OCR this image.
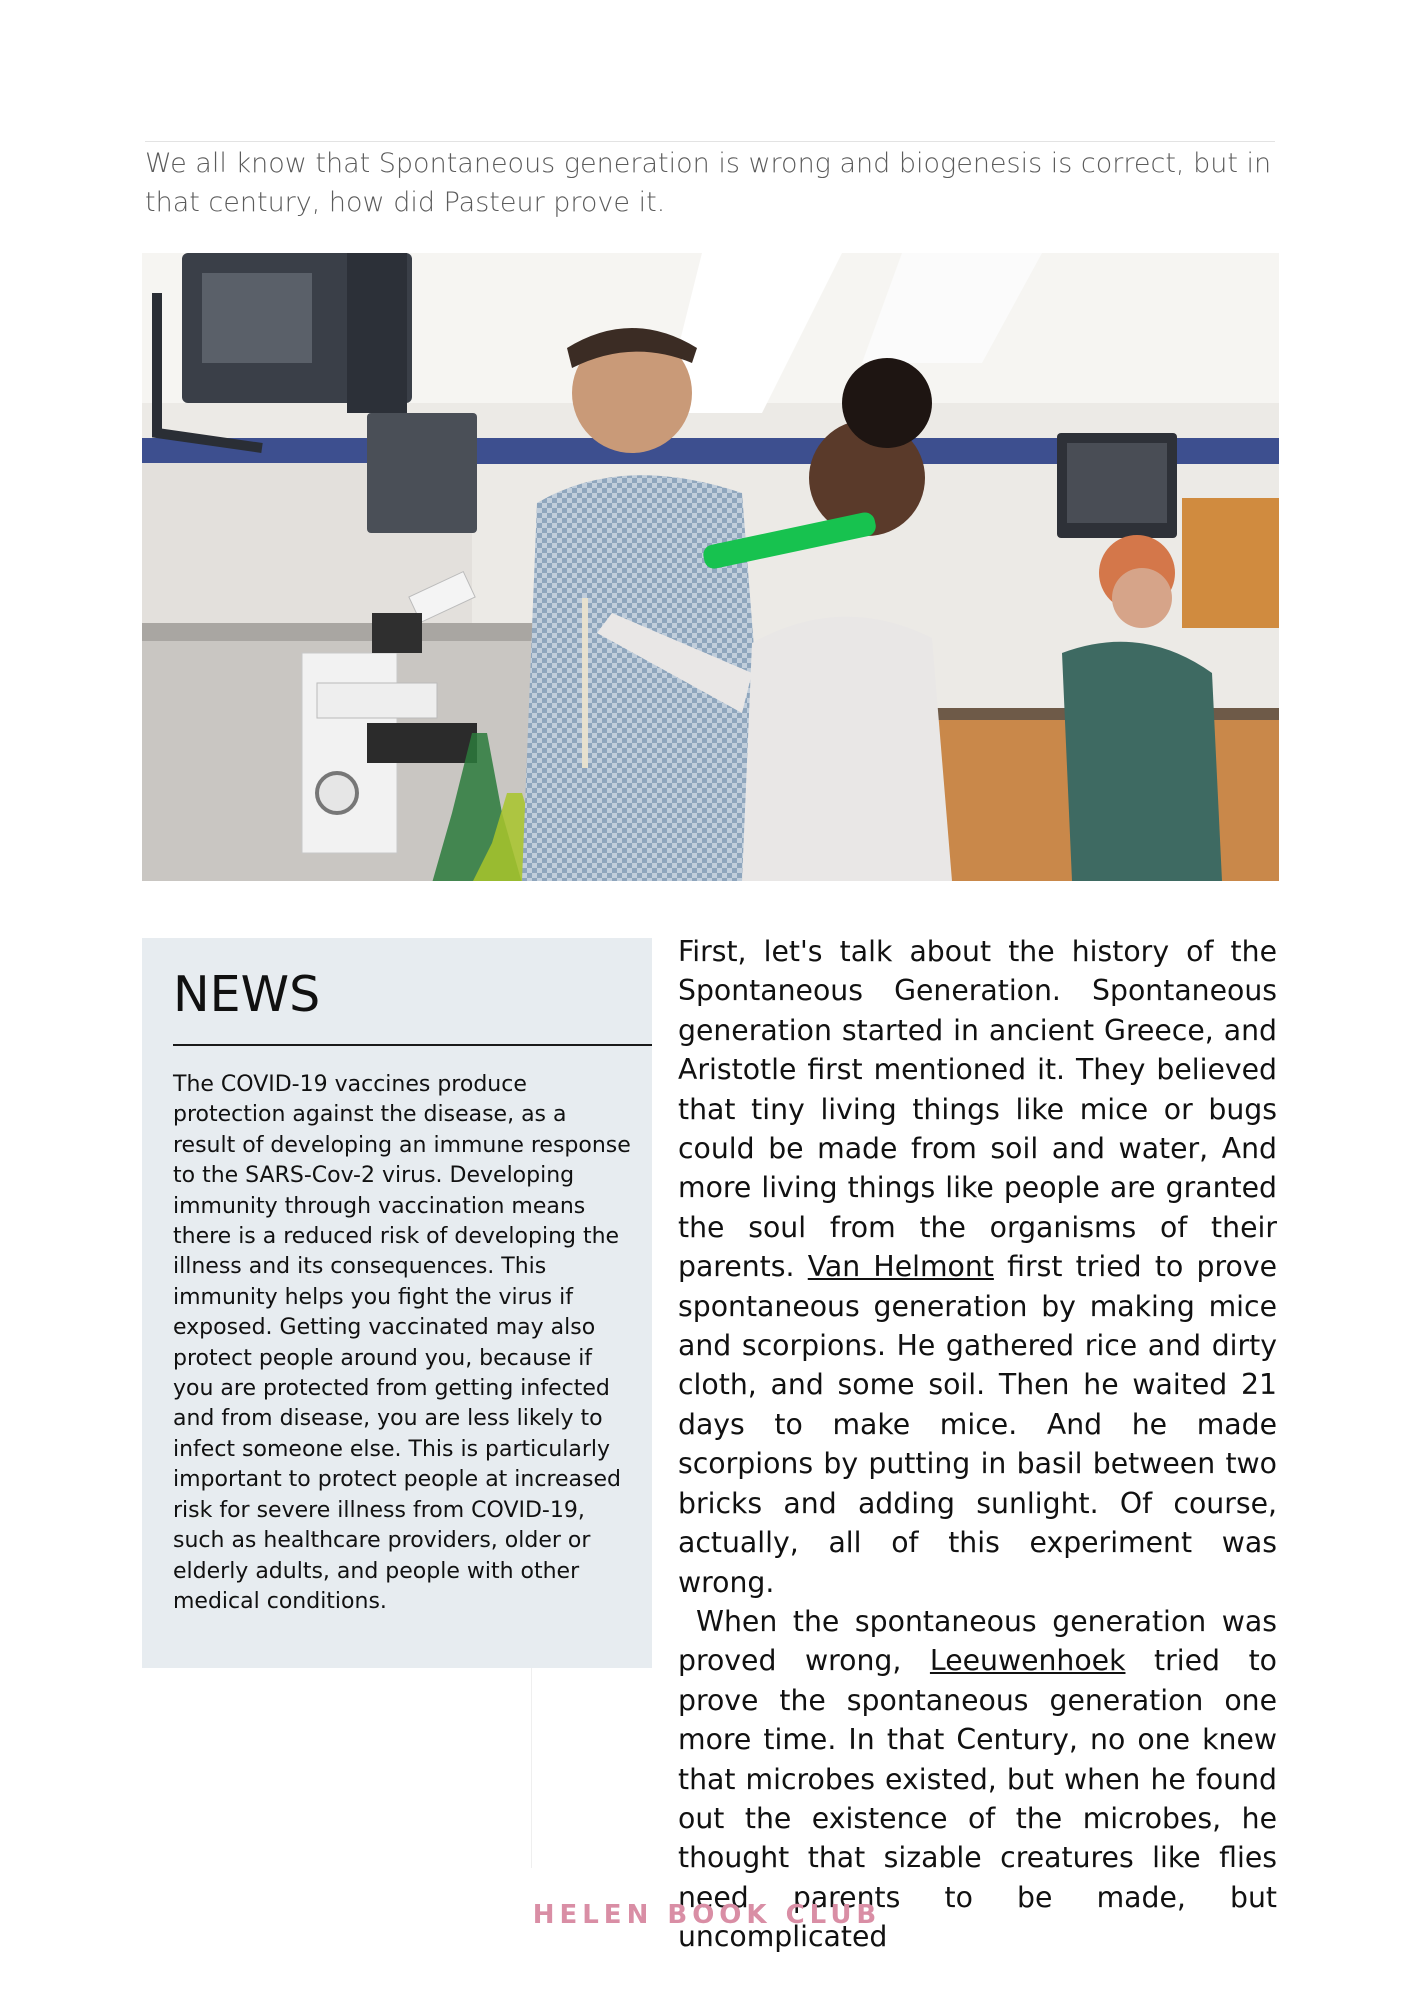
We all know that Spontaneous generation is wrong and biogenesis is correct, but in that century, how did Pasteur prove it.

NEWS
The COVID-19 vaccines produce protection against the disease, as a result of developing an immune response to the SARS-Cov-2 virus. Developing immunity through vaccination means there is a reduced risk of developing the illness and its consequences. This immunity helps you fight the virus if exposed. Getting vaccinated may also protect people around you, because if you are protected from getting infected and from disease, you are less likely to infect someone else. This is particularly important to protect people at increased risk for severe illness from COVID-19, such as healthcare providers, older or elderly adults, and people with other medical conditions.

First, let's talk about the history of the Spontaneous Generation. Spontaneous generation started in ancient Greece, and Aristotle first mentioned it. They believed that tiny living things like mice or bugs could be made from soil and water, And more living things like people are granted the soul from the organisms of their parents. Van Helmont first tried to prove spontaneous generation by making mice and scorpions. He gathered rice and dirty cloth, and some soil. Then he waited 21 days to make mice. And he made scorpions by putting in basil between two bricks and adding sunlight. Of course, actually, all of this experiment was wrong.

When the spontaneous generation was proved wrong, Leeuwenhoek tried to prove the spontaneous generation one more time. In that Century, no one knew that microbes existed, but when he found out the existence of the microbes, he thought that sizable creatures like flies need parents to be made, but uncomplicated

HELEN BOOK CLUB
